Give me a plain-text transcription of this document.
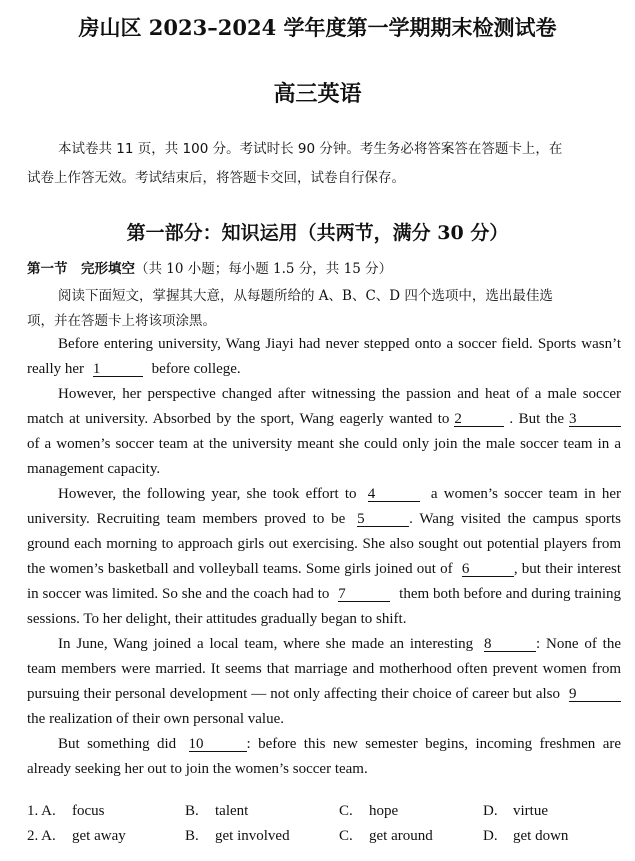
房山区 2023–2024 学年度第一学期期末检测试卷
高三英语
本试卷共 11 页，共 100 分。考试时长 90 分钟。考生务必将答案答在答题卡上，在
试卷上作答无效。考试结束后，将答题卡交回，试卷自行保存。
第一部分：知识运用（共两节，满分 30 分）
第一节　完形填空（共 10 小题；每小题 1.5 分，共 15 分）
阅读下面短文，掌握其大意，从每题所给的 A、B、C、D 四个选项中，选出最佳选
项，并在答题卡上将该项涂黑。
Before entering university, Wang Jiayi had never stepped onto a soccer field. Sports wasn’t
really her 1	before college.
However, her perspective changed after witnessing the passion and heat of a male soccer
match at university. Absorbed by the sport, Wang eagerly wanted to 2	. But the 3
of a women’s soccer team at the university meant she could only join the male soccer team in a
management capacity.
However, the following year, she took effort to 4	a women’s soccer team in her
university. Recruiting team members proved to be 5	. Wang visited the campus sports
ground each morning to approach girls out exercising. She also sought out potential players from
the women’s basketball and volleyball teams. Some girls joined out of 6	, but their interest
in soccer was limited. So she and the coach had to 7	them both before and during training
sessions. To her delight, their attitudes gradually began to shift.
In June, Wang joined a local team, where she made an interesting 8	: None of the
team members were married. It seems that marriage and motherhood often prevent women from
pursuing their personal development — not only affecting their choice of career but also 9
the realization of their own personal value.
But something did 10	: before this new semester begins, incoming freshmen are
already seeking her out to join the women’s soccer team.
1. A. focus	B. talent	C. hope	D. virtue
2. A. get away	B. get involved	C. get around	D. get down
